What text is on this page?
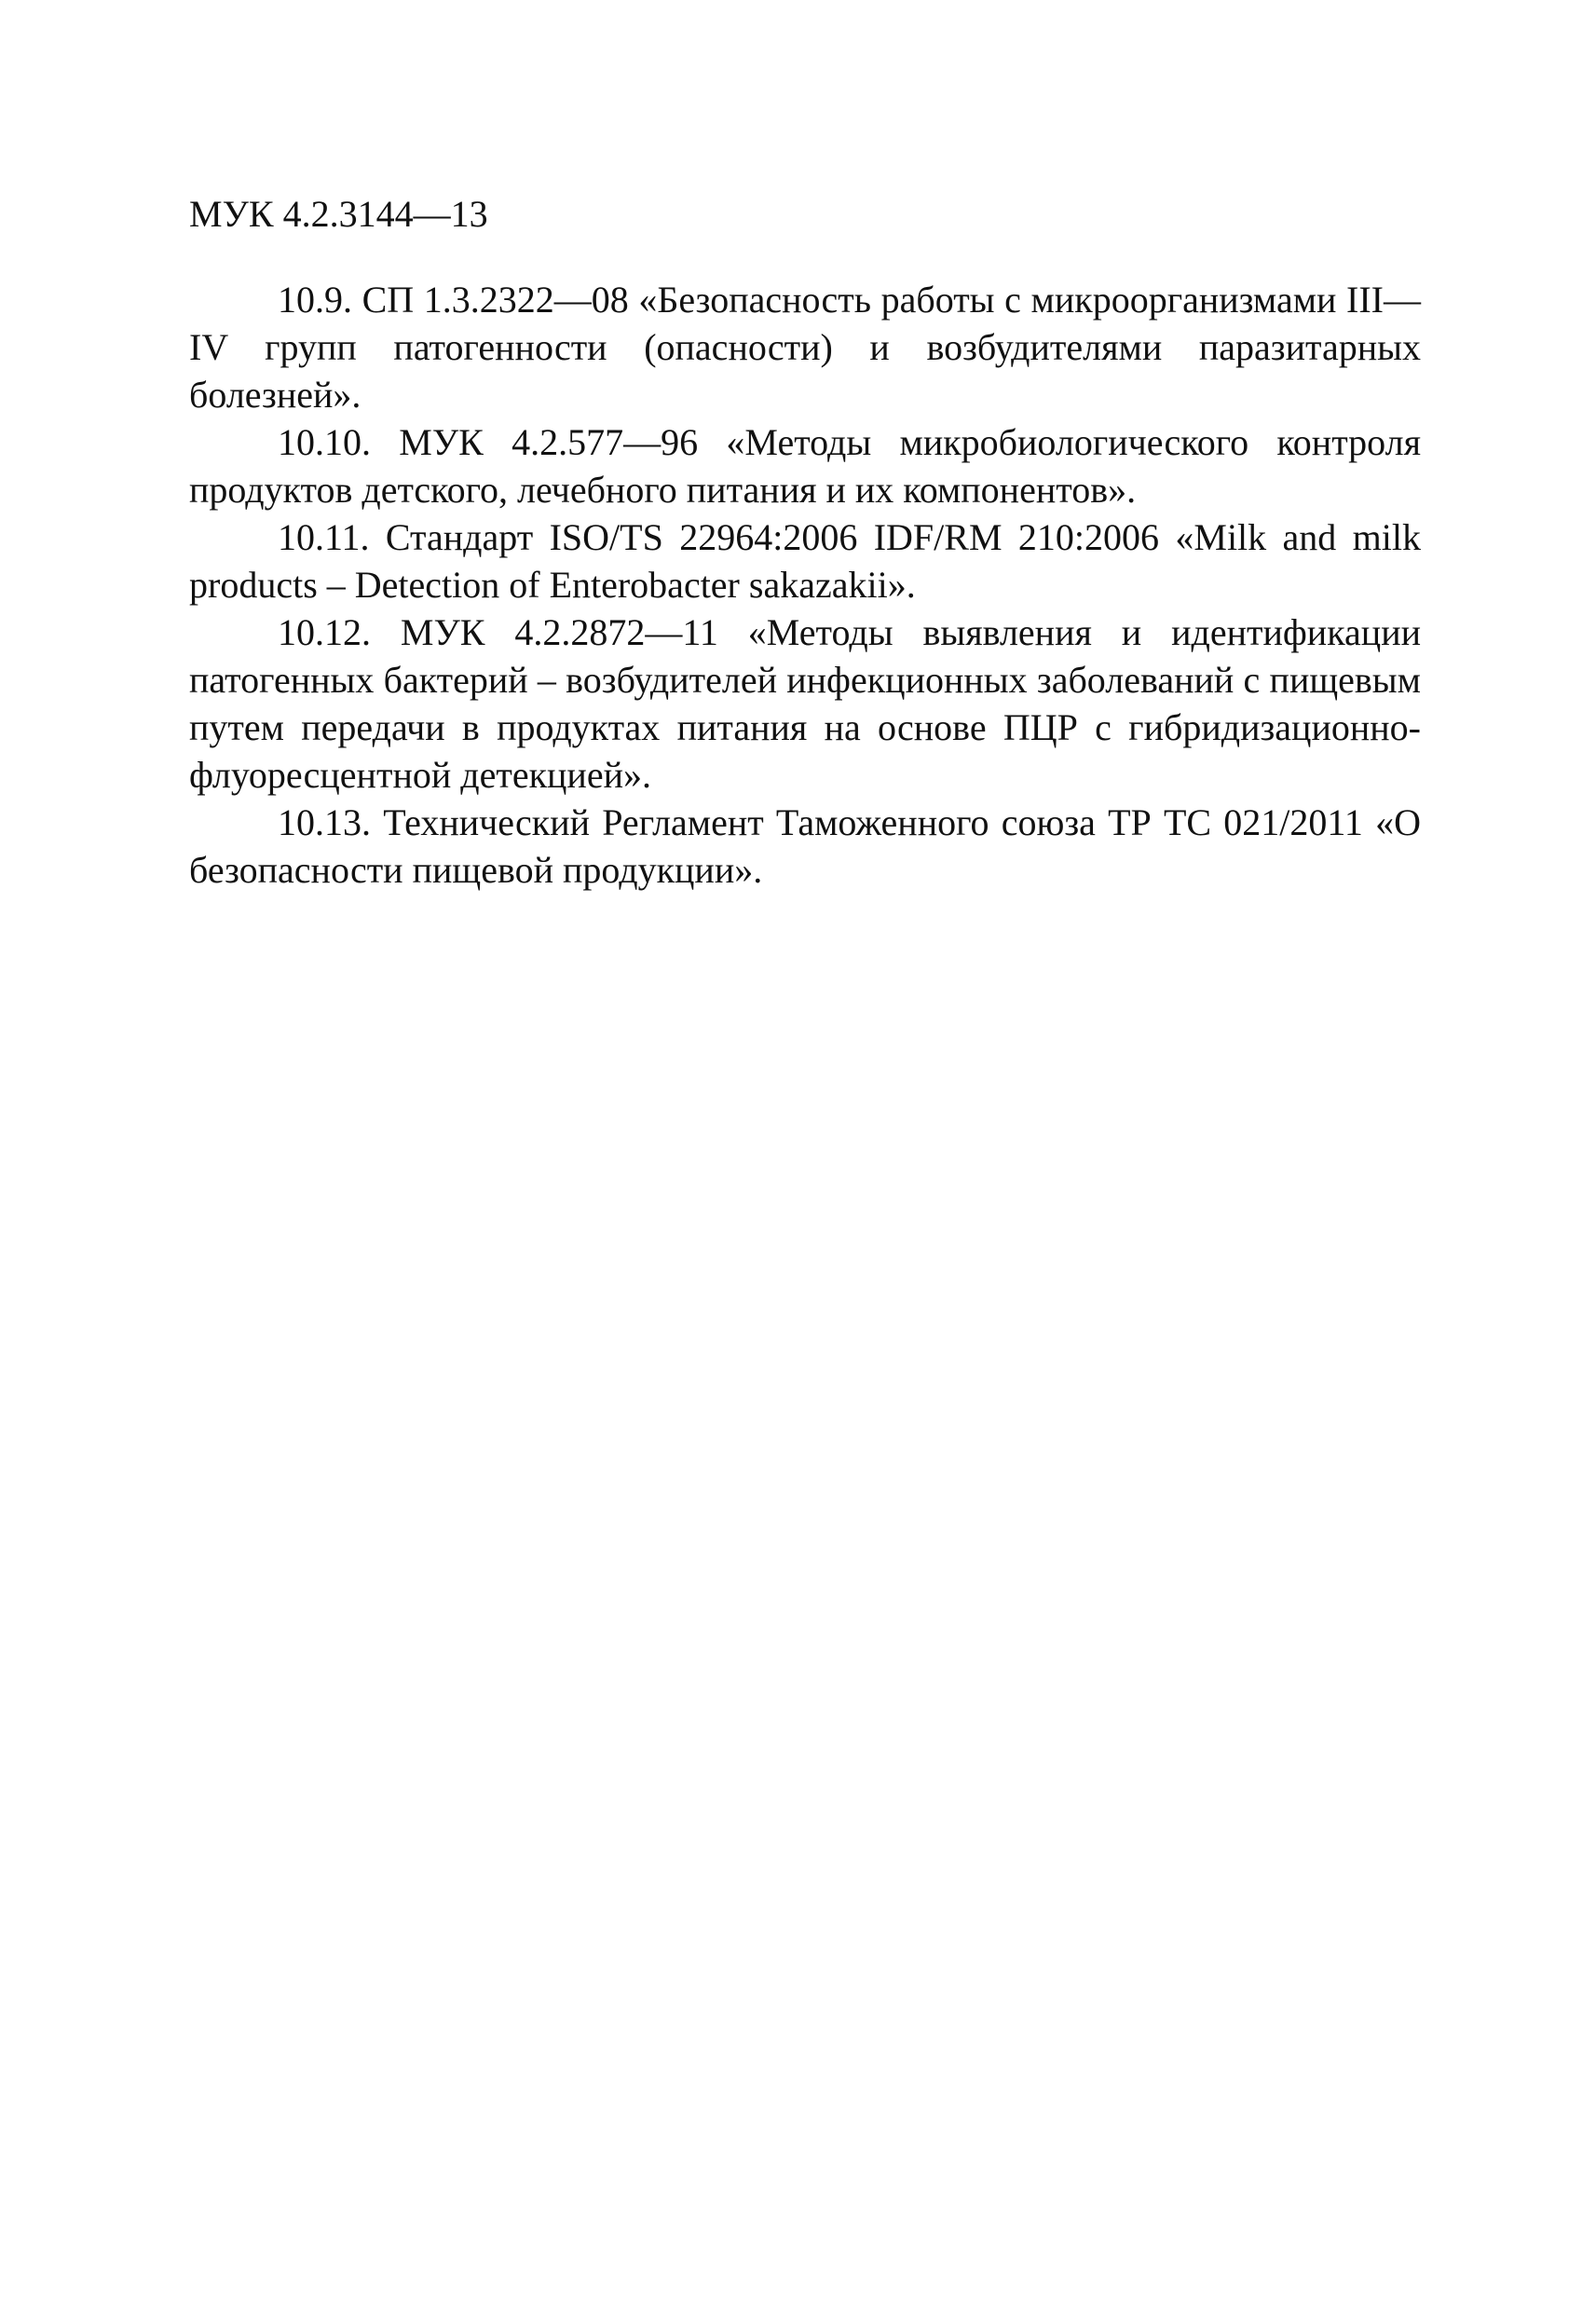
МУК 4.2.3144—13

10.9. СП 1.3.2322—08 «Безопасность работы с микроорганизмами III—IV групп патогенности (опасности) и возбудителями паразитарных болезней».

10.10. МУК 4.2.577—96 «Методы микробиологического контроля продуктов детского, лечебного питания и их компонентов».

10.11. Стандарт ISO/TS 22964:2006 IDF/RM 210:2006 «Milk and milk products – Detection of Enterobacter sakazakii».

10.12. МУК 4.2.2872—11 «Методы выявления и идентификации патогенных бактерий – возбудителей инфекционных заболеваний с пищевым путем передачи в продуктах питания на основе ПЦР с гибридизационно-флуоресцентной детекцией».

10.13. Технический Регламент Таможенного союза ТР ТС 021/2011 «О безопасности пищевой продукции».
